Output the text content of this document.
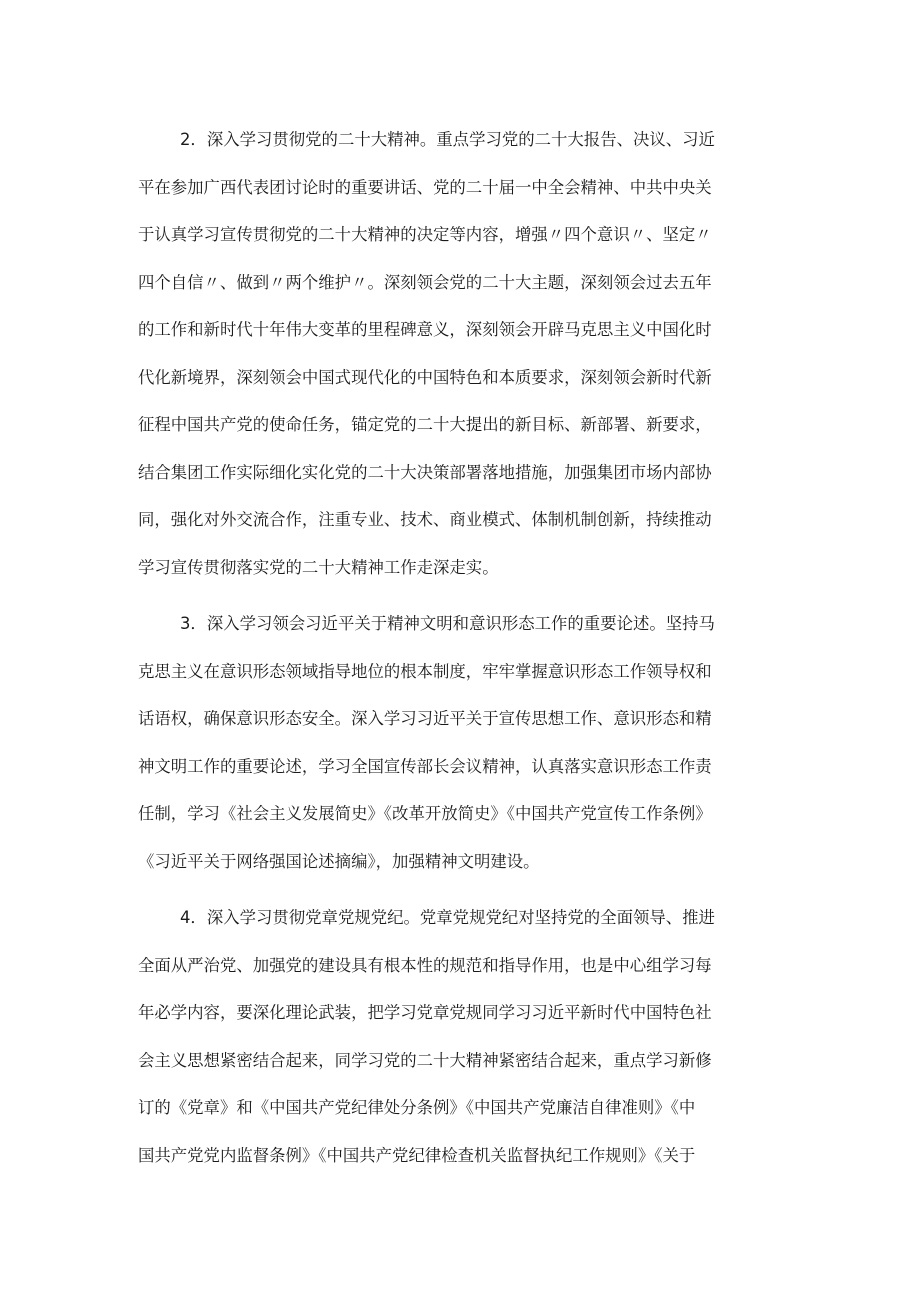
2．深入学习贯彻党的二十大精神。重点学习党的二十大报告、决议、习近
平在参加广西代表团讨论时的重要讲话、党的二十届一中全会精神、中共中央关
于认真学习宣传贯彻党的二十大精神的决定等内容，增强〃四个意识〃、坚定〃
四个自信〃、做到〃两个维护〃。深刻领会党的二十大主题，深刻领会过去五年
的工作和新时代十年伟大变革的里程碑意义，深刻领会开辟马克思主义中国化时
代化新境界，深刻领会中国式现代化的中国特色和本质要求，深刻领会新时代新
征程中国共产党的使命任务，锚定党的二十大提出的新目标、新部署、新要求，
结合集团工作实际细化实化党的二十大决策部署落地措施，加强集团市场内部协
同，强化对外交流合作，注重专业、技术、商业模式、体制机制创新，持续推动
学习宣传贯彻落实党的二十大精神工作走深走实。
3．深入学习领会习近平关于精神文明和意识形态工作的重要论述。坚持马
克思主义在意识形态领域指导地位的根本制度，牢牢掌握意识形态工作领导权和
话语权，确保意识形态安全。深入学习习近平关于宣传思想工作、意识形态和精
神文明工作的重要论述，学习全国宣传部长会议精神，认真落实意识形态工作责
任制，学习《社会主义发展简史》《改革开放简史》《中国共产党宣传工作条例》
《习近平关于网络强国论述摘编》，加强精神文明建设。
4．深入学习贯彻党章党规党纪。党章党规党纪对坚持党的全面领导、推进
全面从严治党、加强党的建设具有根本性的规范和指导作用，也是中心组学习每
年必学内容，要深化理论武装，把学习党章党规同学习习近平新时代中国特色社
会主义思想紧密结合起来，同学习党的二十大精神紧密结合起来，重点学习新修
订的《党章》和《中国共产党纪律处分条例》《中国共产党廉洁自律准则》《中
国共产党党内监督条例》《中国共产党纪律检查机关监督执纪工作规则》《关于
